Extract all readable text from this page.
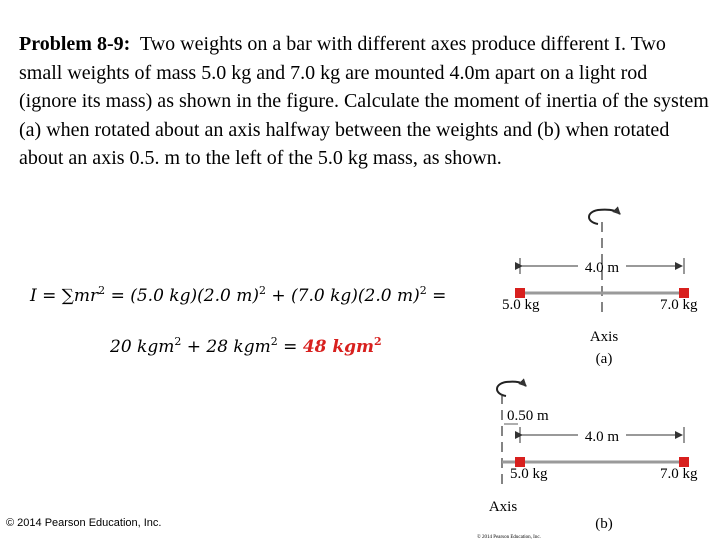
Problem 8-9: Two weights on a bar with different axes produce different I. Two small weights of mass 5.0 kg and 7.0 kg are mounted 4.0m apart on a light rod (ignore its mass) as shown in the figure. Calculate the moment of inertia of the system (a) when rotated about an axis halfway between the weights and (b) when rotated about an axis 0.5. m to the left of the 5.0 kg mass, as shown.
$I = \sum mr^2 = (5.0$ kg)(2.0 m)$^2$ + (7.0 kg)(2.0 m)$^2$ =
20 kgm$^2$ + 28 kgm$^2$ = 48 kgm$^2$
4.0 m
5.0 kg	7.0 kg
Axis
(a)
0.50 m
4.0 m
5.0 kg	7.0 kg
Axis
(b)
© 2014 Pearson Education, Inc.
© 2014 Pearson Education, Inc.
